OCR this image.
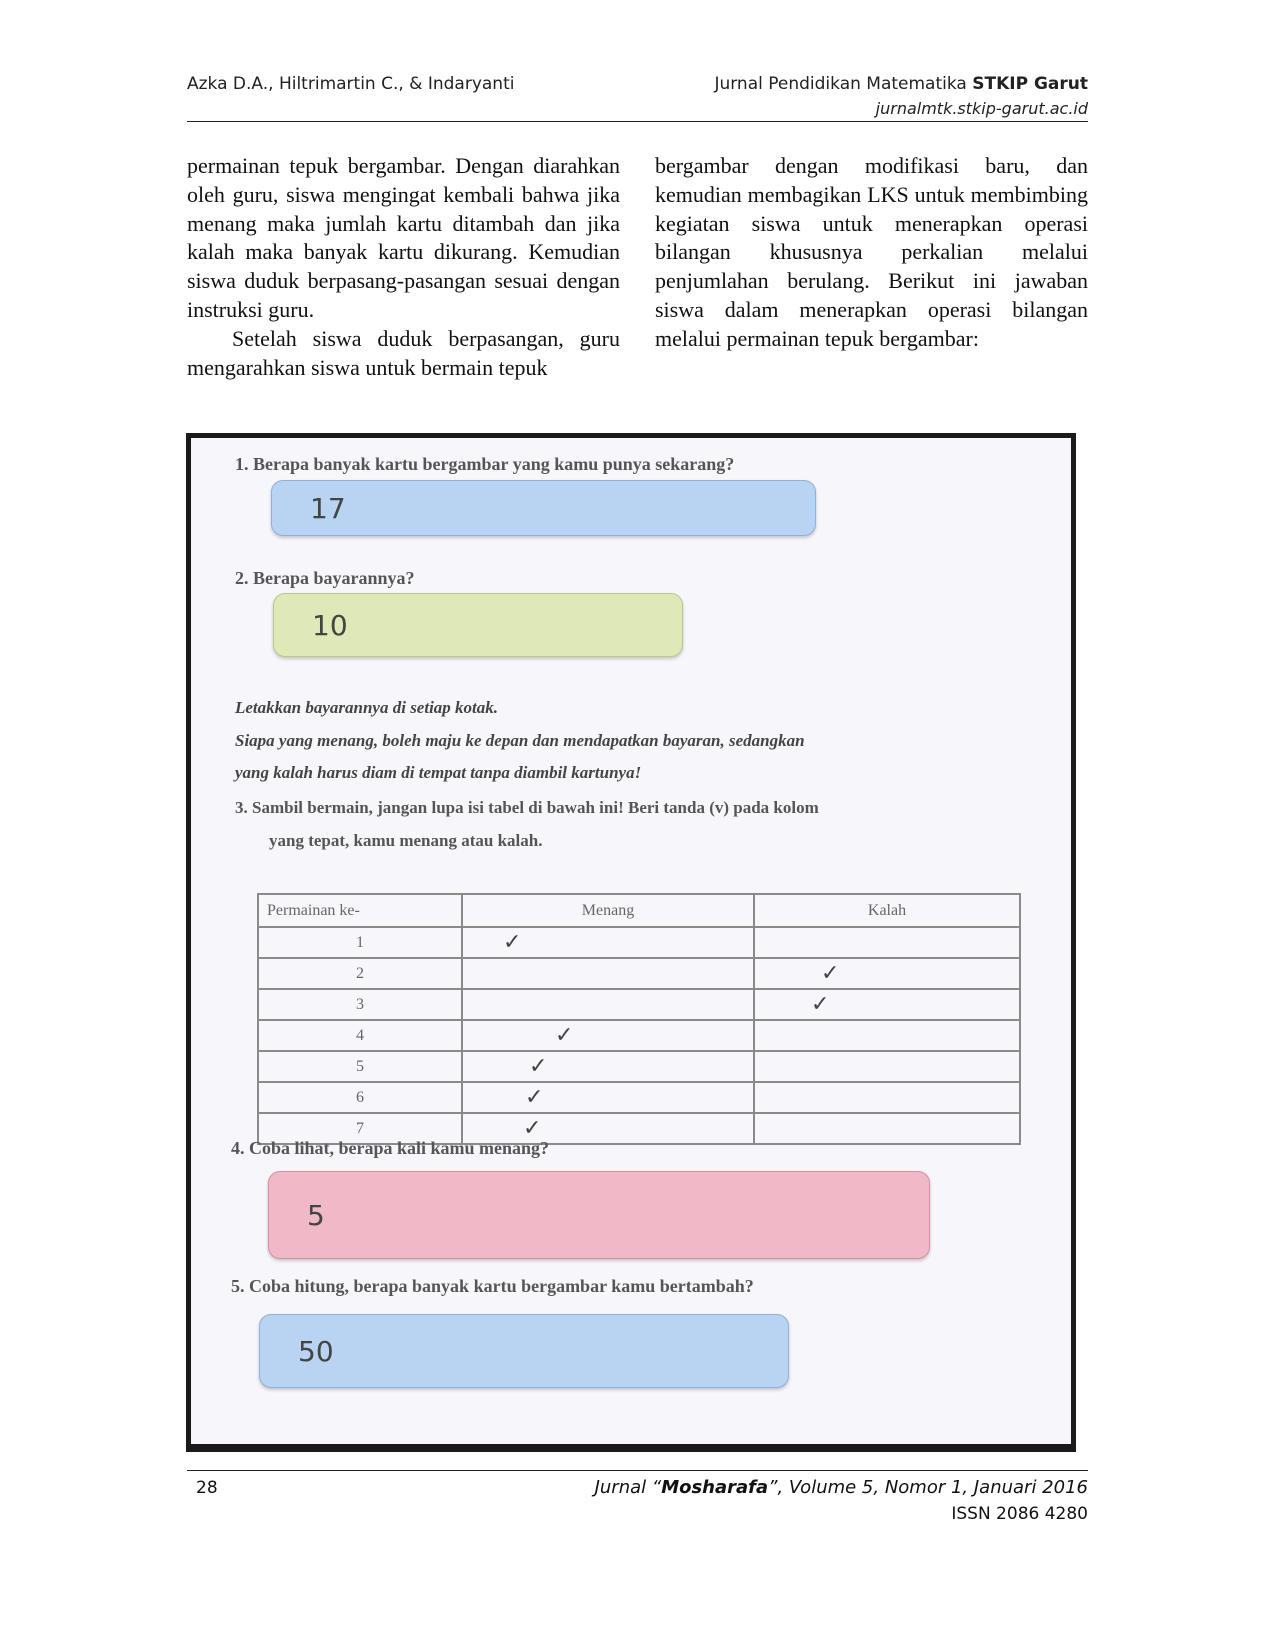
Azka D.A., Hiltrimartin C., & Indaryanti	Jurnal Pendidikan Matematika STKIP Garut
jurnalmtk.stkip-garut.ac.id

permainan tepuk bergambar. Dengan diarahkan oleh guru, siswa mengingat kembali bahwa jika menang maka jumlah kartu ditambah dan jika kalah maka banyak kartu dikurang. Kemudian siswa duduk berpasang-pasangan sesuai dengan instruksi guru.

Setelah siswa duduk berpasangan, guru mengarahkan siswa untuk bermain tepuk

bergambar dengan modifikasi baru, dan kemudian membagikan LKS untuk membimbing kegiatan siswa untuk menerapkan operasi bilangan khususnya perkalian melalui penjumlahan berulang. Berikut ini jawaban siswa dalam menerapkan operasi bilangan melalui permainan tepuk bergambar:

1. Berapa banyak kartu bergambar yang kamu punya sekarang?
17
2. Berapa bayarannya?
10
Letakkan bayarannya di setiap kotak.
Siapa yang menang, boleh maju ke depan dan mendapatkan bayaran, sedangkan
yang kalah harus diam di tempat tanpa diambil kartunya!
3. Sambil bermain, jangan lupa isi tabel di bawah ini! Beri tanda (v) pada kolom
yang tepat, kamu menang atau kalah.
Permainan ke-	Menang	Kalah
1	✓	
2		✓
3		✓
4	✓	
5	✓	
6	✓	
7	✓	
4. Coba lihat, berapa kali kamu menang?
5
5. Coba hitung, berapa banyak kartu bergambar kamu bertambah?
50
28	Jurnal “Mosharafa”, Volume 5, Nomor 1, Januari 2016
ISSN 2086 4280
